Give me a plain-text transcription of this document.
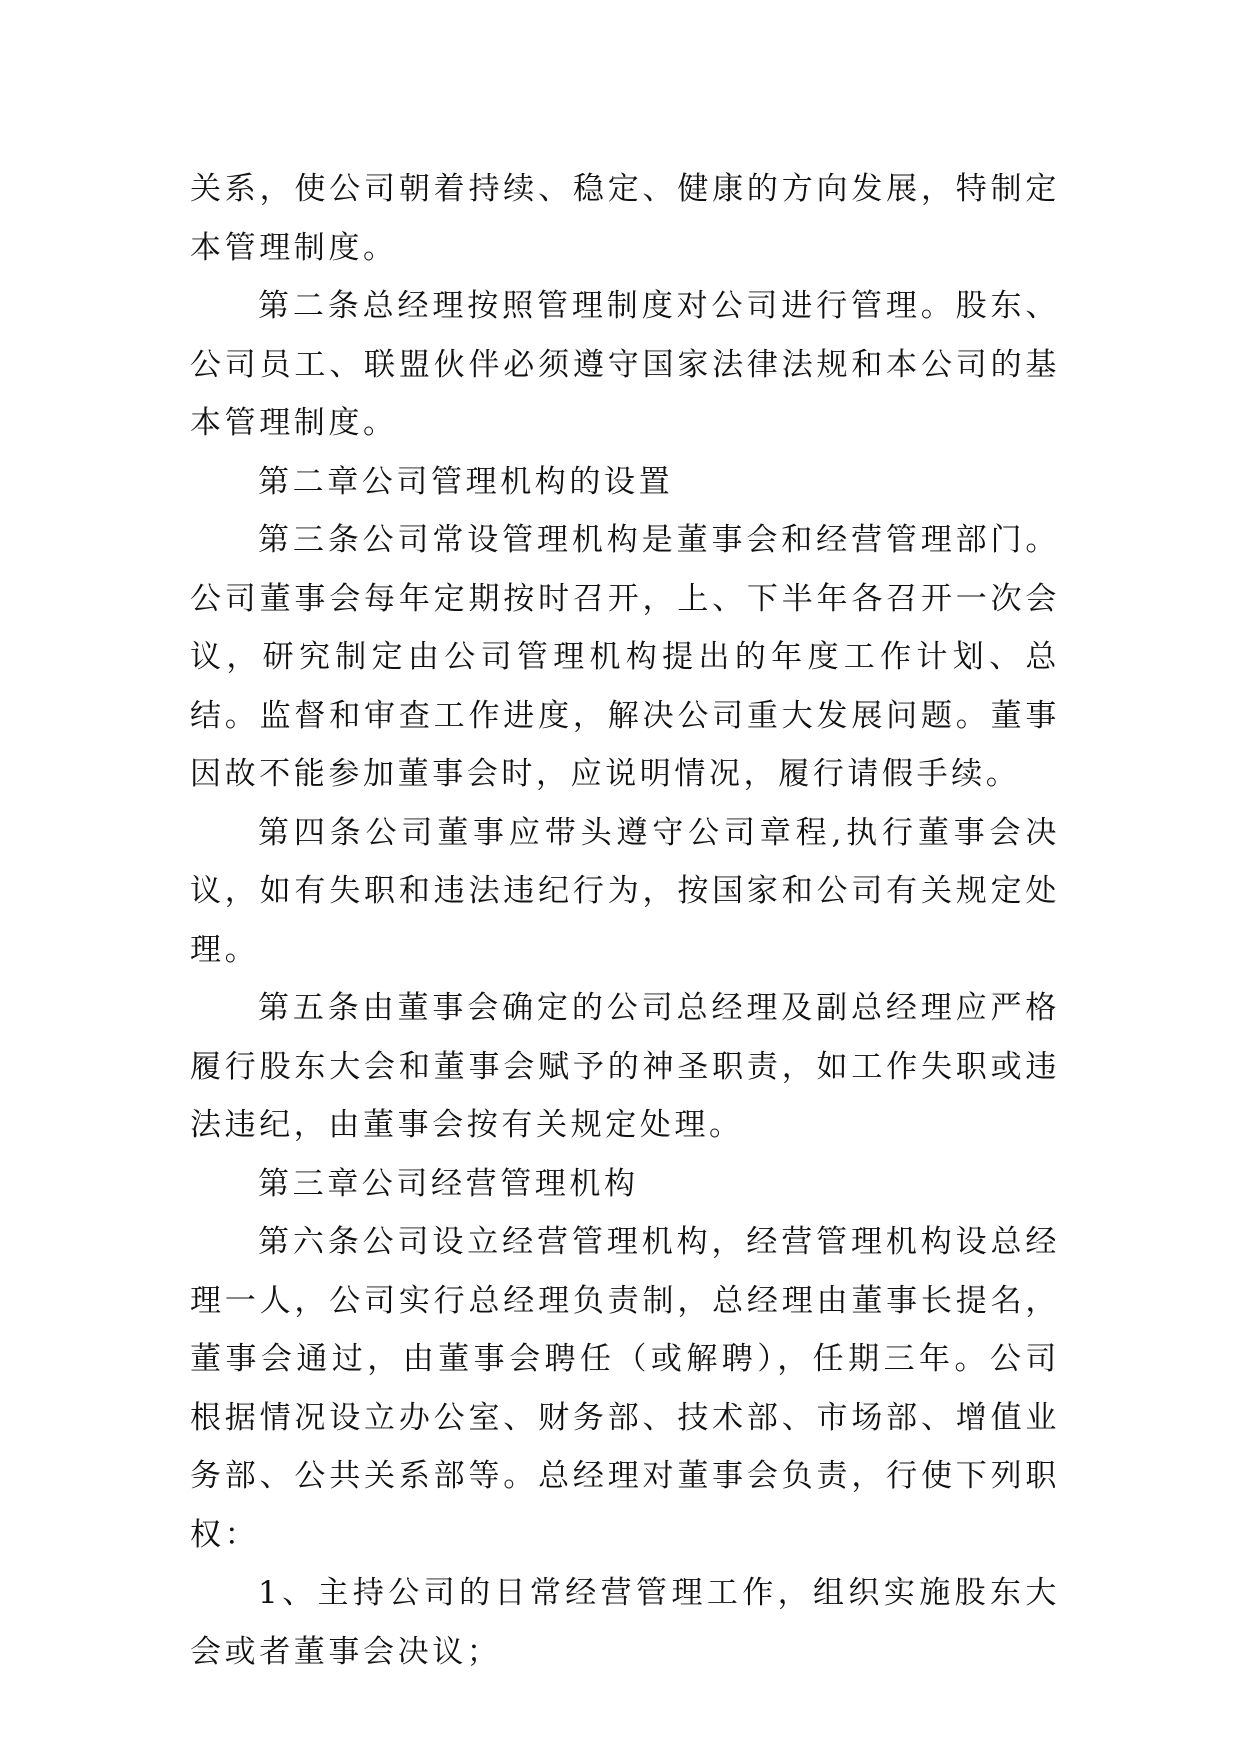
关系，使公司朝着持续、稳定、健康的方向发展，特制定本管理制度。

第二条总经理按照管理制度对公司进行管理。股东、公司员工、联盟伙伴必须遵守国家法律法规和本公司的基本管理制度。

第二章公司管理机构的设置

第三条公司常设管理机构是董事会和经营管理部门。公司董事会每年定期按时召开，上、下半年各召开一次会议，研究制定由公司管理机构提出的年度工作计划、总结。监督和审查工作进度，解决公司重大发展问题。董事因故不能参加董事会时，应说明情况，履行请假手续。

第四条公司董事应带头遵守公司章程,执行董事会决议，如有失职和违法违纪行为，按国家和公司有关规定处理。

第五条由董事会确定的公司总经理及副总经理应严格履行股东大会和董事会赋予的神圣职责，如工作失职或违法违纪，由董事会按有关规定处理。

第三章公司经营管理机构

第六条公司设立经营管理机构，经营管理机构设总经理一人，公司实行总经理负责制，总经理由董事长提名，董事会通过，由董事会聘任（或解聘），任期三年。公司根据情况设立办公室、财务部、技术部、市场部、增值业务部、公共关系部等。总经理对董事会负责，行使下列职权：

1、主持公司的日常经营管理工作，组织实施股东大会或者董事会决议；
